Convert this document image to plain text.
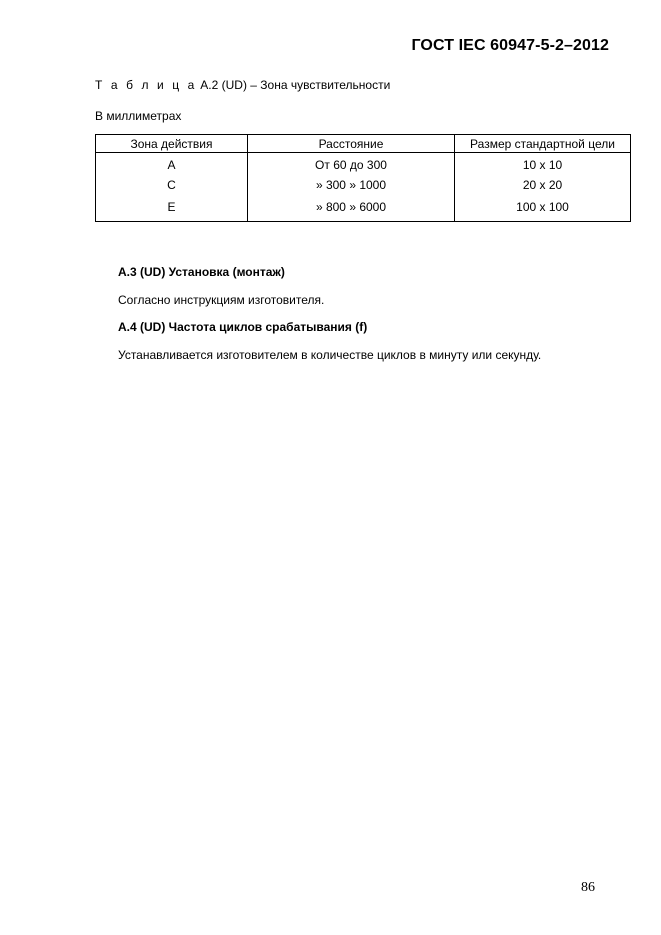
ГОСТ IEC 60947-5-2–2012
Т а б л и ц а А.2 (UD) – Зона чувствительности
В миллиметрах
Зона действия	Расстояние	Размер стандартной цели
А	От 60 до 300	10 x 10
С	» 300 » 1000	20 x 20
Е	» 800 » 6000	100 x 100
А.3 (UD) Установка (монтаж)
Согласно инструкциям изготовителя.
А.4 (UD) Частота циклов срабатывания (f)
Устанавливается изготовителем в количестве циклов в минуту или секунду.
86
